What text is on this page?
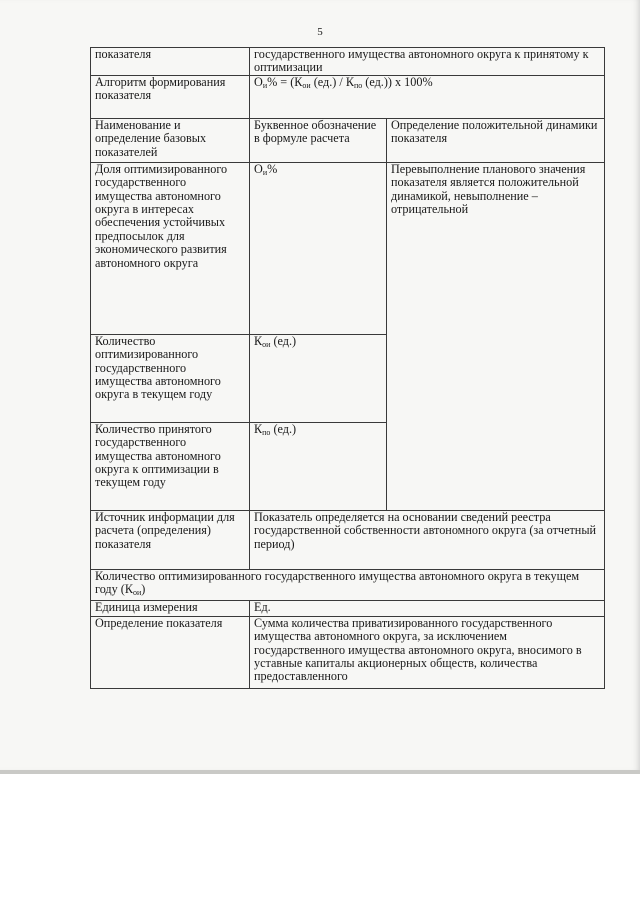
5
показателя	государственного имущества автономного округа к принятому к оптимизации	
Алгоритм формирования показателя	$О_и\% = (К_{ои}$ $(ед.) / К_{по}$ (ед.)) х 100%	
Наименование и определение базовых показателей	Буквенное обозначение в формуле расчета	Определение положительной динамики показателя
Доля оптимизированного государственного имущества автономного округа в интересах обеспечения устойчивых предпосылок для экономического развития автономного округа	$О_и\%$	Перевыполнение планового значения показателя является положительной динамикой, невыполнение – отрицательной
Количество оптимизированного государственного имущества автономного округа в текущем году	$К_{ои}$ (ед.)	
Количество принятого государственного имущества автономного округа к оптимизации в текущем году	$К_{по}$ (ед.)	
Источник информации для расчета (определения) показателя	Показатель определяется на основании сведений реестра государственной собственности автономного округа (за отчетный период)	
Количество оптимизированного государственного имущества автономного округа в текущем году $(К_{ои})$		
Единица измерения	Ед.	
Определение показателя	Сумма количества приватизированного государственного имущества автономного округа, за исключением государственного имущества автономного округа, вносимого в уставные капиталы акционерных обществ, количества предоставленного	
